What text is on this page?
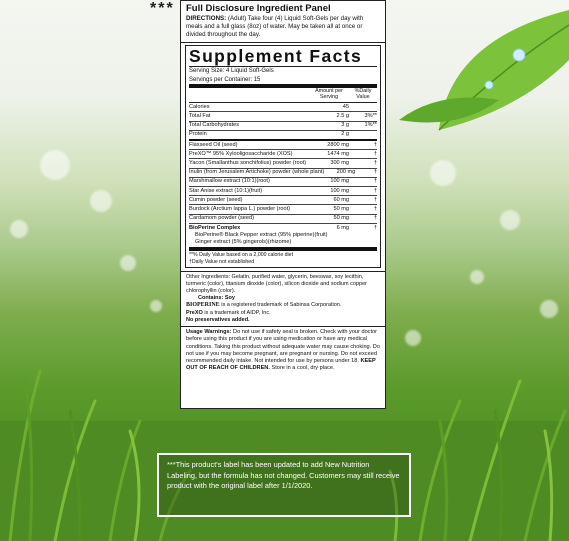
*** Full Disclosure Ingredient Panel
DIRECTIONS: (Adult) Take four (4) Liquid Soft-Gels per day with meals and a full glass (8oz) of water. May be taken all at once or divided throughout the day.
Supplement Facts
Serving Size: 4 Liquid Soft-Gels
Servings per Container: 15
Amount per Serving
%Daily Value
Calories	45
Total Fat	2.5 g	3%**
Total Carbohydrates	3 g	1%**
Protein	2 g
Flaxseed Oil (seed)	2800 mg	†
PreXO™ 95% Xylooligosaccharide (XOS)	1474 mg	†
Yacon (Smallanthus sonchifolius) powder (root)	300 mg	†
Inulin (from Jerusalem Artichoke) powder (whole plant)	200 mg	†
Marshmallow extract (10:1)(root)	100 mg	†
Star Anise extract (10:1)(fruit)	100 mg	†
Cumin powder (seed)	60 mg	†
Burdock (Arctium lappa L.) powder (root)	50 mg	†
Cardamom powder (seed)	50 mg	†
BioPerine Complex	6 mg	†
BioPerine® Black Pepper extract (95% piperine)(fruit)
Ginger extract (5% gingerols)(rhizome)
**% Daily Value based on a 2,000 calorie diet
†Daily Value not established
Other Ingredients: Gelatin, purified water, glycerin, beeswax, soy lecithin, turmeric (color), titanium dioxide (color), silicon dioxide and sodium copper chlorophyllin (color).
Contains: Soy
BIOPERINE is a registered trademark of Sabinsa Corporation.
PreXO is a trademark of AIDP, Inc.
No preservatives added.
Usage Warnings: Do not use if safety seal is broken. Check with your doctor before using this product if you are using medication or have any medical conditions. Taking this product without adequate water may cause choking. Do not use if you may become pregnant, are pregnant or nursing. Do not exceed recommended daily intake. Not intended for use by persons under 18. KEEP OUT OF REACH OF CHILDREN. Store in a cool, dry place.
***This product's label has been updated to add New Nutrition Labeling, but the formula has not changed. Customers may still receive product with the original label after 1/1/2020.
